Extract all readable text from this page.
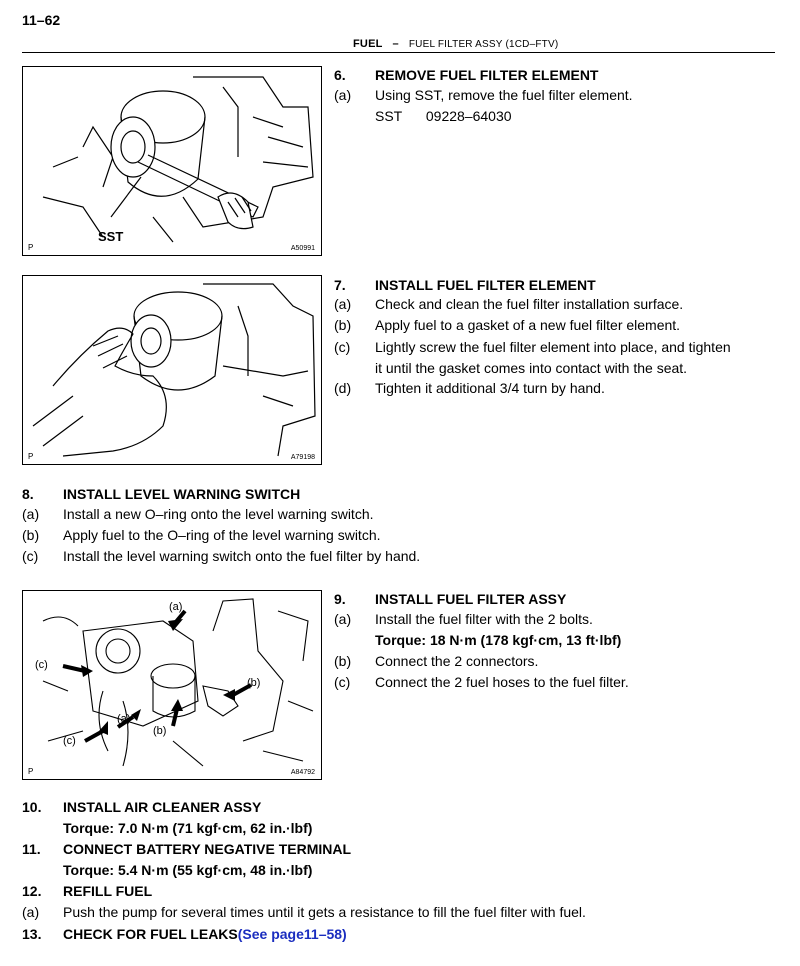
11–62
FUEL – FUEL FILTER ASSY (1CD–FTV)
SST
P	A50991
P	A79198
(a)
(a)
(b)
(b)
(c)
(c)
P	A84792
6. REMOVE FUEL FILTER ELEMENT
(a) Using SST, remove the fuel filter element.
SST 09228–64030
7. INSTALL FUEL FILTER ELEMENT
(a) Check and clean the fuel filter installation surface.
(b) Apply fuel to a gasket of a new fuel filter element.
(c) Lightly screw the fuel filter element into place, and tighten
it until the gasket comes into contact with the seat.
(d) Tighten it additional 3/4 turn by hand.
8. INSTALL LEVEL WARNING SWITCH
(a) Install a new O–ring onto the level warning switch.
(b) Apply fuel to the O–ring of the level warning switch.
(c) Install the level warning switch onto the fuel filter by hand.
9. INSTALL FUEL FILTER ASSY
(a) Install the fuel filter with the 2 bolts.
Torque: 18 N·m (178 kgf·cm, 13 ft·lbf)
(b) Connect the 2 connectors.
(c) Connect the 2 fuel hoses to the fuel filter.
10. INSTALL AIR CLEANER ASSY
Torque: 7.0 N·m (71 kgf·cm, 62 in.·lbf)
11. CONNECT BATTERY NEGATIVE TERMINAL
Torque: 5.4 N·m (55 kgf·cm, 48 in.·lbf)
12. REFILL FUEL
(a) Push the pump for several times until it gets a resistance to fill the fuel filter with fuel.
13. CHECK FOR FUEL LEAKS(See page11–58)
